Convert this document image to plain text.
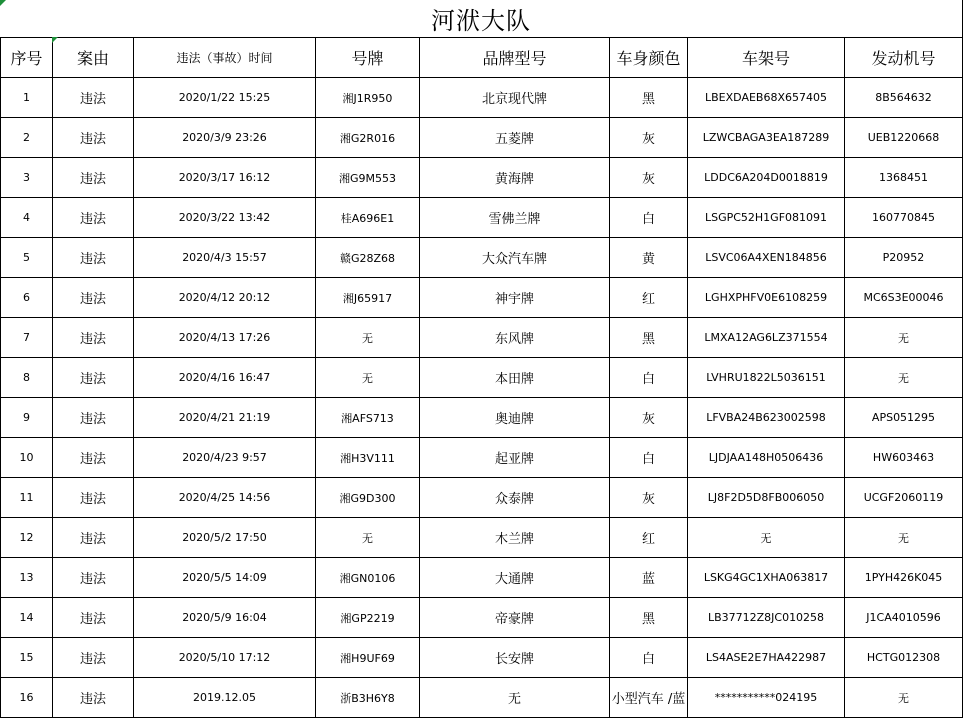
河洑大队
序号	案由	违法（事故）时间	号牌	品牌型号	车身颜色	车架号	发动机号
1	违法	2020/1/22 15:25	湘J1R950	北京现代牌	黑	LBEXDAEB68X657405	8B564632
2	违法	2020/3/9 23:26	湘G2R016	五菱牌	灰	LZWCBAGA3EA187289	UEB1220668
3	违法	2020/3/17 16:12	湘G9M553	黄海牌	灰	LDDC6A204D0018819	1368451
4	违法	2020/3/22 13:42	桂A696E1	雪佛兰牌	白	LSGPC52H1GF081091	160770845
5	违法	2020/4/3 15:57	赣G28Z68	大众汽车牌	黄	LSVC06A4XEN184856	P20952
6	违法	2020/4/12 20:12	湘J65917	神宇牌	红	LGHXPHFV0E6108259	MC6S3E00046
7	违法	2020/4/13 17:26	无	东风牌	黑	LMXA12AG6LZ371554	无
8	违法	2020/4/16 16:47	无	本田牌	白	LVHRU1822L5036151	无
9	违法	2020/4/21 21:19	湘AFS713	奥迪牌	灰	LFVBA24B623002598	APS051295
10	违法	2020/4/23 9:57	湘H3V111	起亚牌	白	LJDJAA148H0506436	HW603463
11	违法	2020/4/25 14:56	湘G9D300	众泰牌	灰	LJ8F2D5D8FB006050	UCGF2060119
12	违法	2020/5/2 17:50	无	木兰牌	红	无	无
13	违法	2020/5/5 14:09	湘GN0106	大通牌	蓝	LSKG4GC1XHA063817	1PYH426K045
14	违法	2020/5/9 16:04	湘GP2219	帝豪牌	黑	LB37712Z8JC010258	J1CA4010596
15	违法	2020/5/10 17:12	湘H9UF69	长安牌	白	LS4ASE2E7HA422987	HCTG012308
16	违法	2019.12.05	浙B3H6Y8	无	小型汽车 /蓝	***********024195	无
